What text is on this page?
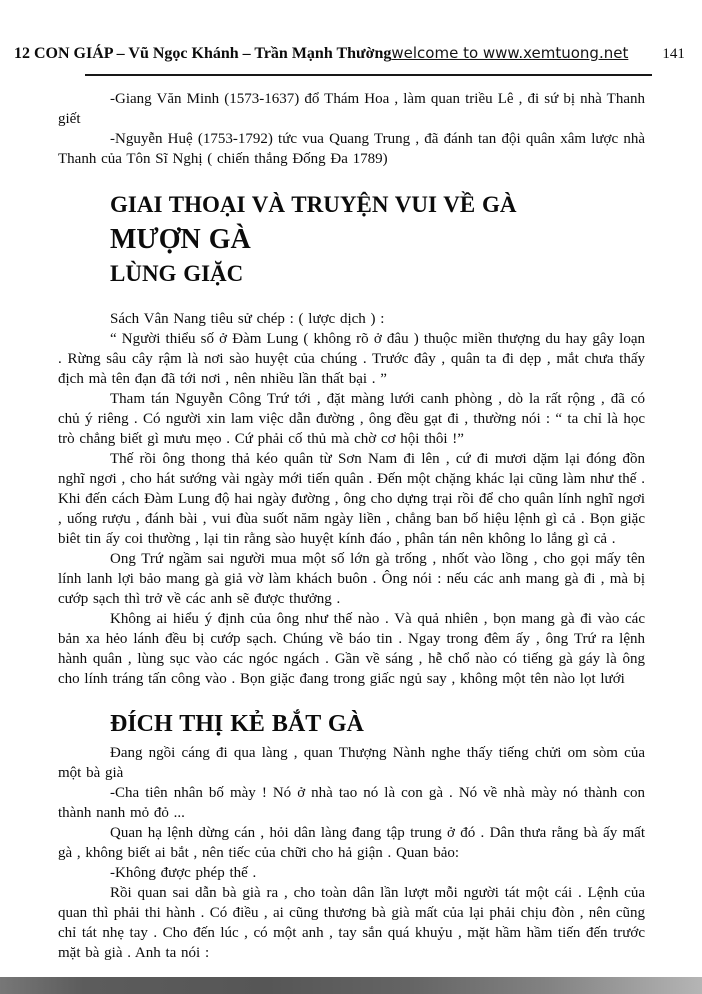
12 CON GIÁP – Vũ Ngọc Khánh – Trần Mạnh Thường welcome to www.xemtuong.net 141

-Giang Văn Minh (1573-1637) đổ Thám Hoa , làm quan triều Lê , đi sứ bị nhà Thanh giết

-Nguyễn Huệ (1753-1792) tức vua Quang Trung , đã đánh tan đội quân xâm lược nhà Thanh của Tôn Sĩ Nghị ( chiến thắng Đống Đa 1789)

GIAI THOẠI VÀ TRUYỆN VUI VỀ GÀ
MƯỢN GÀ
LÙNG GIẶC

Sách Vân Nang tiêu sử chép : ( lược dịch ) :

“ Người thiểu số ở Đàm Lung ( không rõ ở đâu ) thuộc miền thượng du hay gây loạn . Rừng sâu cây rậm là nơi sào huyệt của chúng . Trước đây , quân ta đi dẹp , mắt chưa thấy địch mà tên đạn đã tới nơi , nên nhiều lần thất bại . ”

Tham tán Nguyễn Công Trứ tới , đặt màng lưới canh phòng , dò la rất rộng , đã có chủ ý riêng . Có người xin lam việc dẫn đường , ông đều gạt đi , thường nói : “ ta chỉ là học trò chẳng biết gì mưu mẹo . Cứ phải cố thủ mà chờ cơ hội thôi !”

Thế rồi ông thong thả kéo quân từ Sơn Nam đi lên , cứ đi mươi dặm lại đóng đồn nghĩ ngơi , cho hát sướng vài ngày mới tiến quân . Đến một chặng khác lại cũng làm như thế . Khi đến cách Đàm Lung độ hai ngày đường , ông cho dựng trại rồi để cho quân lính nghĩ ngơi , uống rượu , đánh bài , vui đùa suốt năm ngày liền , chẳng ban bố hiệu lệnh gì cả . Bọn giặc biêt tin ấy coi thường , lại tin rằng sào huyệt kính đáo , phân tán nên không lo lắng gì cả .

Ong Trứ ngầm sai người mua một số lớn gà trống , nhốt vào lồng , cho gọi mấy tên lính lanh lợi bảo mang gà giả vờ làm khách buôn . Ông nói : nếu các anh mang gà đi , mà bị cướp sạch thì trở về các anh sẽ được thưởng .

Không ai hiểu ý định của ông như thế nào . Và quả nhiên , bọn mang gà đi vào các bản xa hẻo lánh đều bị cướp sạch. Chúng về báo tin . Ngay trong đêm ấy , ông Trứ ra lệnh hành quân , lùng sục vào các ngóc ngách . Gần về sáng , hễ chổ nào có tiếng gà gáy là ông cho lính tráng tấn công vào . Bọn giặc đang trong giấc ngủ say , không một tên nào lọt lưới

ĐÍCH THỊ KẺ BẮT GÀ

Đang ngồi cáng đi qua làng , quan Thượng Nành nghe thấy tiếng chửi om sòm của một bà già

-Cha tiên nhân bố mày ! Nó ở nhà tao nó là con gà . Nó về nhà mày nó thành con thành nanh mỏ đỏ ...

Quan hạ lệnh dừng cán , hỏi dân làng đang tập trung ở đó . Dân thưa rằng bà ấy mất gà , không biết ai bắt , nên tiếc của chữi cho hả giận . Quan bảo:

-Không được phép thế .

Rồi quan sai dẫn bà già ra , cho toàn dân lần lượt mỗi người tát một cái . Lệnh của quan thì phải thi hành . Có điều , ai cũng thương bà già mất của lại phải chịu đòn , nên cũng chỉ tát nhẹ tay . Cho đến lúc , có một anh , tay sắn quá khuỷu , mặt hầm hầm tiến đến trước mặt bà già . Anh ta nói :
